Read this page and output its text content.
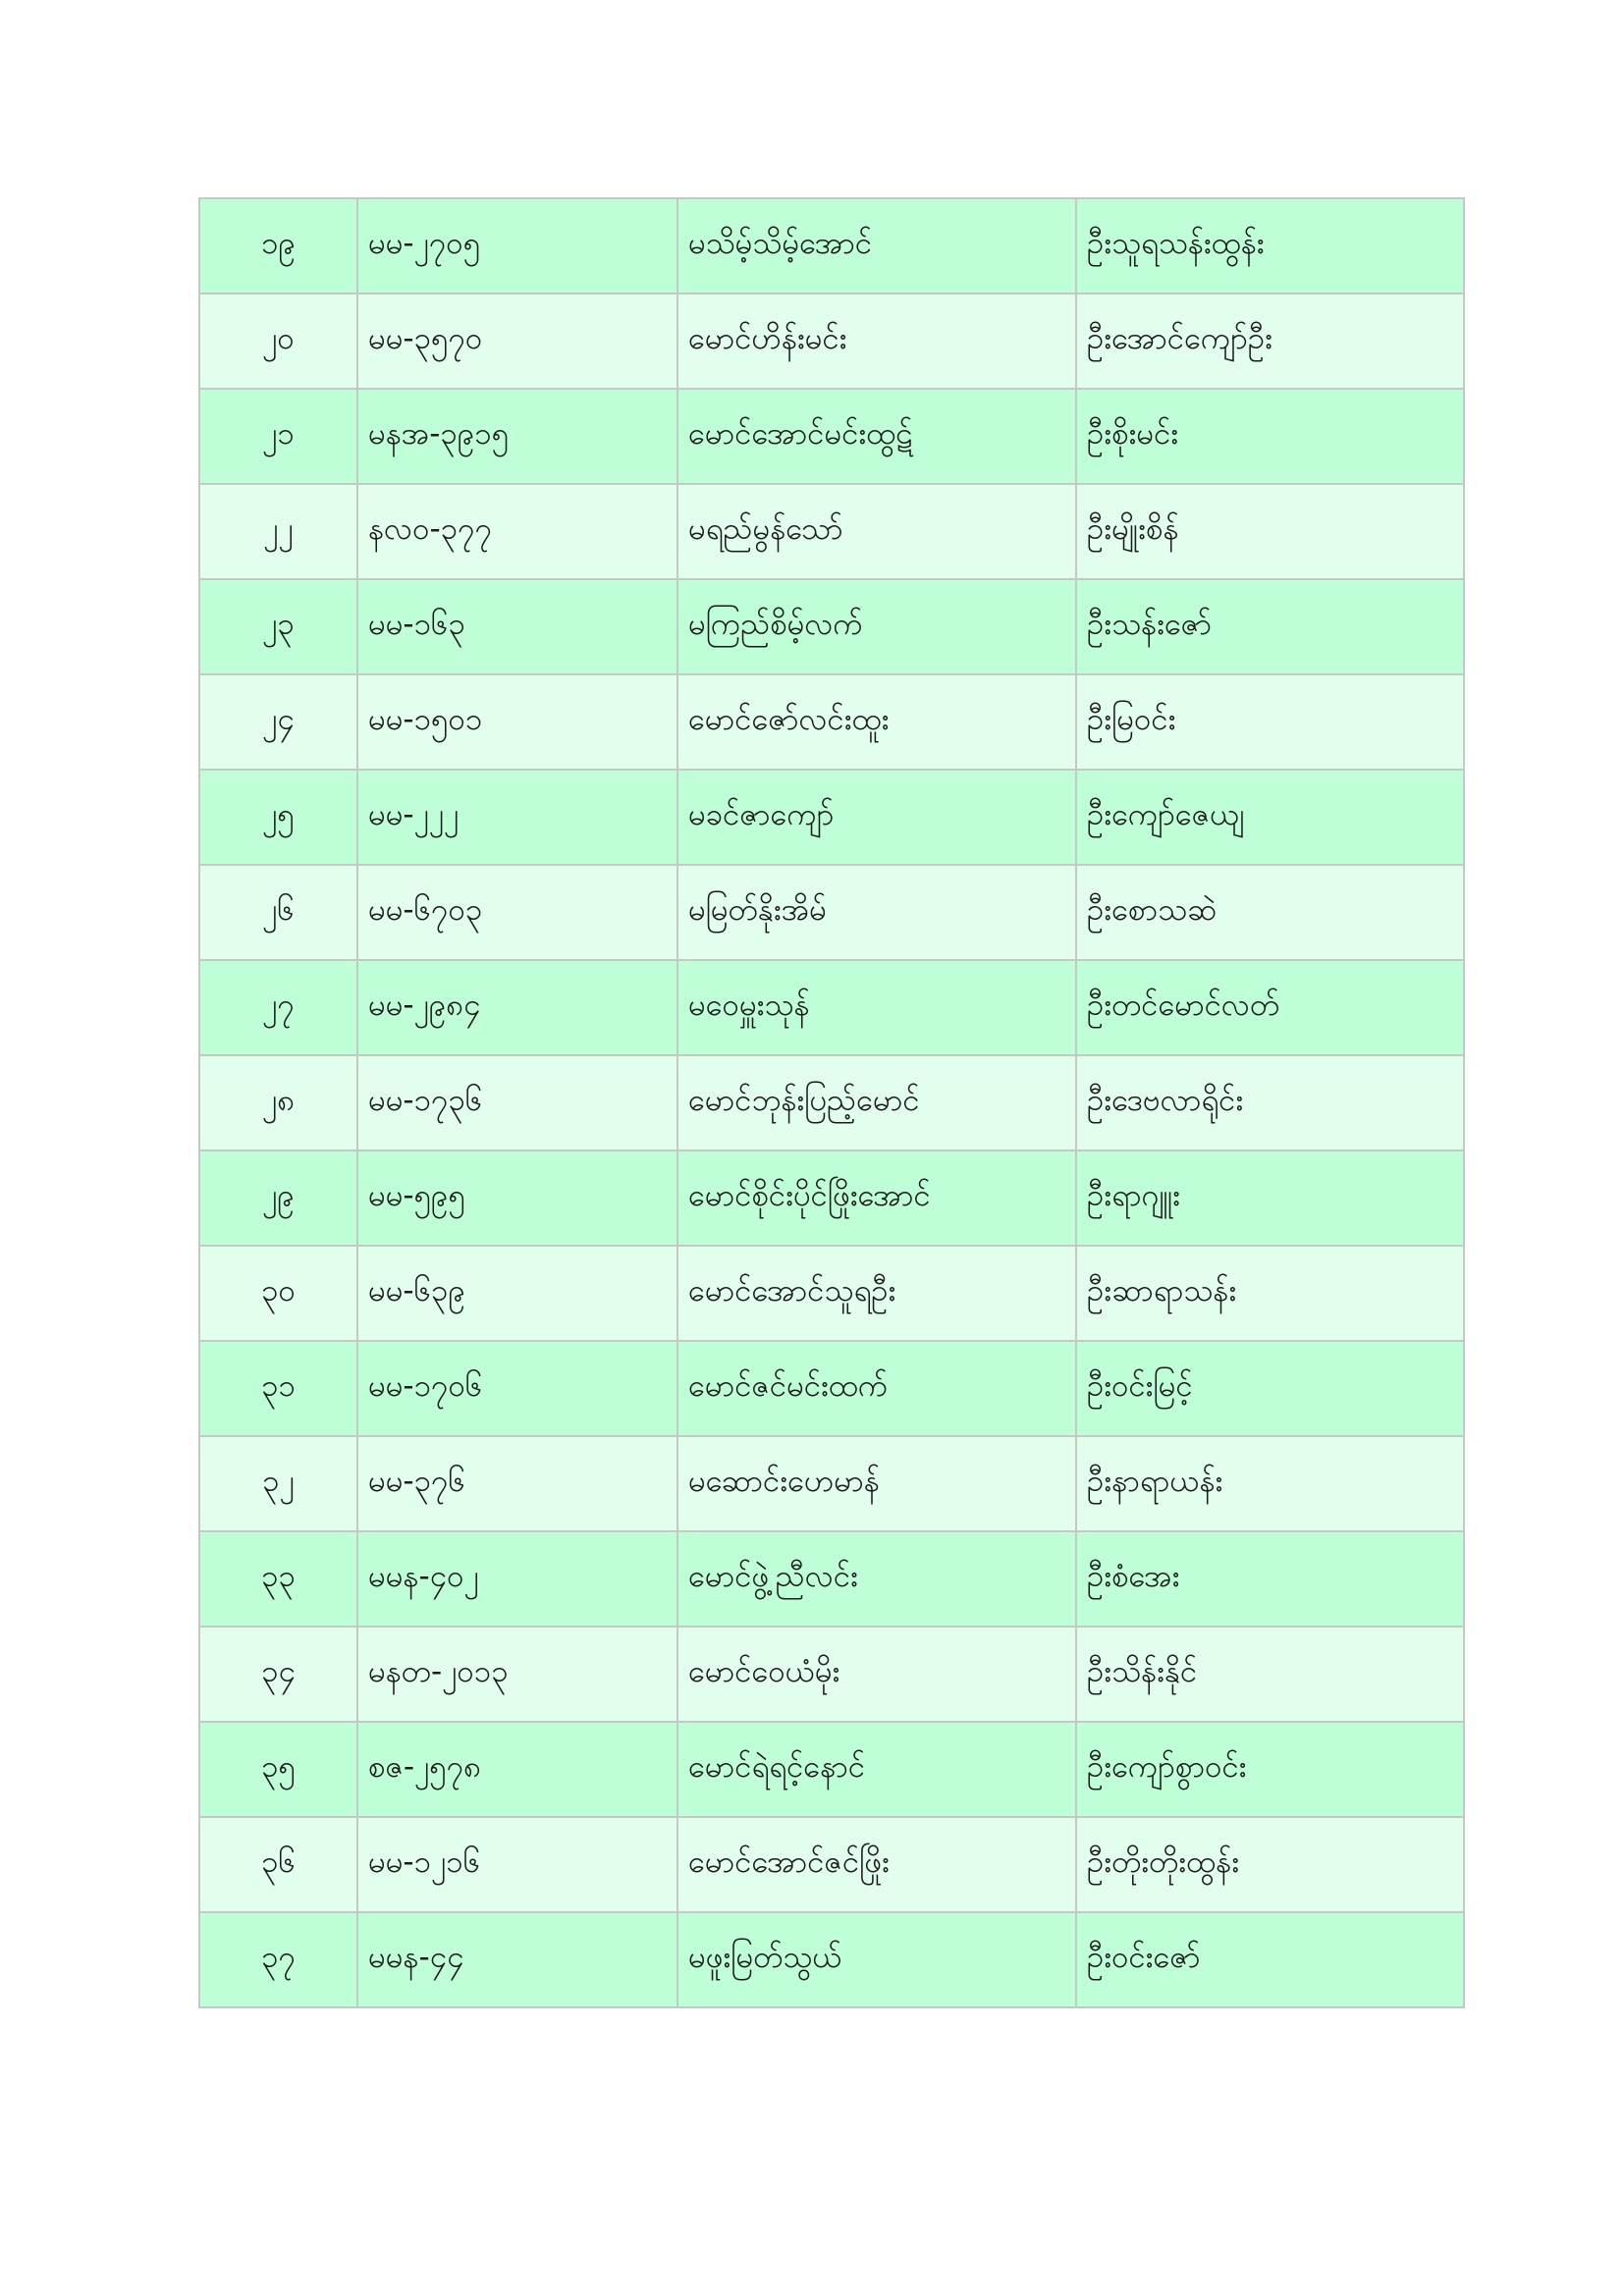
၁၉	မမ-၂၇၀၅	မသိမ့်သိမ့်အောင်	ဦးသူရသန်းထွန်း
၂၀	မမ-၃၅၇၀	မောင်ဟိန်းမင်း	ဦးအောင်ကျော်ဦး
၂၁	မနအ-၃၉၁၅	မောင်အောင်မင်းထွဋ်	ဦးစိုးမင်း
၂၂	နလဝ-၃၇၇	မရည်မွန်သော်	ဦးမျိုးစိန်
၂၃	မမ-၁၆၃	မကြည်စိမ့်လက်	ဦးသန်းဇော်
၂၄	မမ-၁၅၀၁	မောင်ဇော်လင်းထူး	ဦးမြဝင်း
၂၅	မမ-၂၂၂	မခင်ဇာကျော်	ဦးကျော်ဇေယျ
၂၆	မမ-၆၇၀၃	မမြတ်နိုးအိမ်	ဦးစောသဆဲ
၂၇	မမ-၂၉၈၄	မဝေမှူးသုန်	ဦးတင်မောင်လတ်
၂၈	မမ-၁၇၃၆	မောင်ဘုန်းပြည့်မောင်	ဦးဒေဗလာရိုင်း
၂၉	မမ-၅၉၅	မောင်စိုင်းပိုင်ဖြိုးအောင်	ဦးရာဂျူး
၃၀	မမ-၆၃၉	မောင်အောင်သူရဦး	ဦးဆာရာသန်း
၃၁	မမ-၁၇၀၆	မောင်ဇင်မင်းထက်	ဦးဝင်းမြင့်
၃၂	မမ-၃၇၆	မဆောင်းဟေမာန်	ဦးနာရာယန်း
၃၃	မမန-၄၀၂	မောင်ဖွဲ့ညီလင်း	ဦးစံအေး
၃၄	မနတ-၂၀၁၃	မောင်ဝေယံမိုး	ဦးသိန်းနိုင်
၃၅	စဇ-၂၅၇၈	မောင်ရဲရင့်နောင်	ဦးကျော်စွာဝင်း
၃၆	မမ-၁၂၁၆	မောင်အောင်ဇင်ဖြိုး	ဦးတိုးတိုးထွန်း
၃၇	မမန-၄၄	မဖူးမြတ်သွယ်	ဦးဝင်းဇော်
